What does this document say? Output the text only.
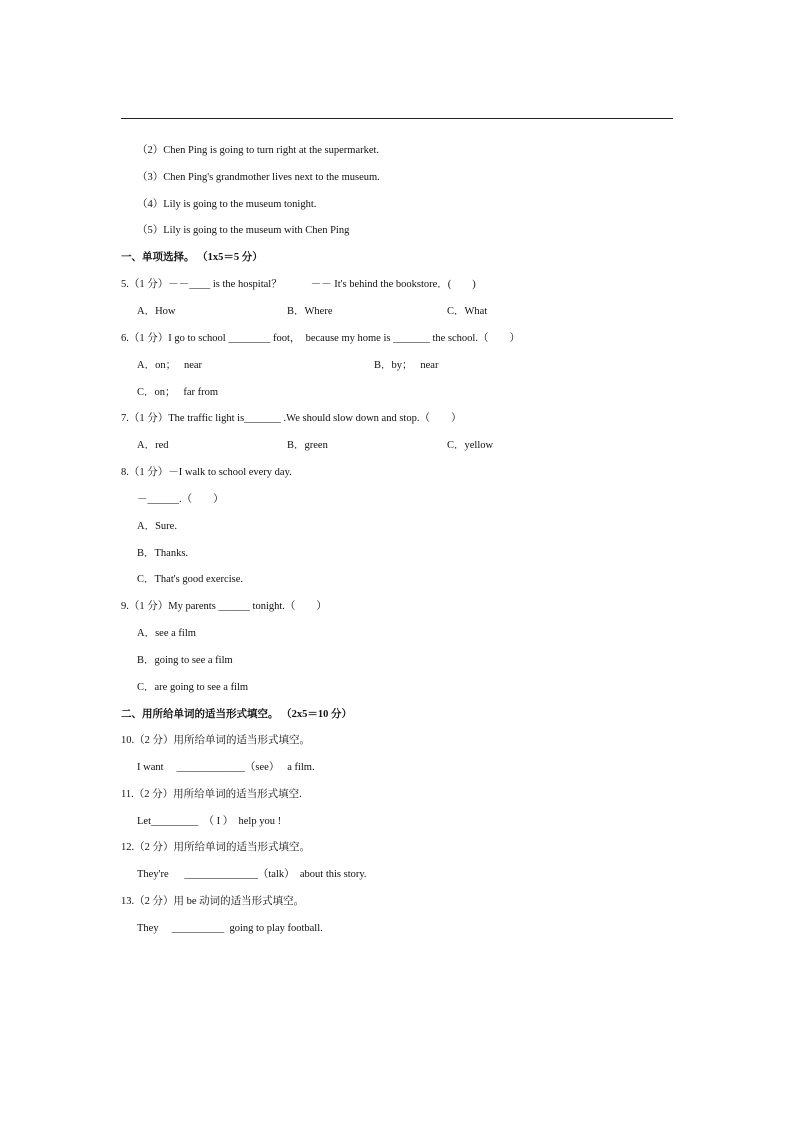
（2）Chen Ping is going to turn right at the supermarket.
（3）Chen Ping's grandmother lives next to the museum.
（4）Lily is going to the museum tonight.
（5）Lily is going to the museum with Chen Ping
一、单项选择。 （1x5＝5 分）
5.（1 分）－－____ is the hospital？           －－ It's behind the bookstore．(        )
A．How	B．Where	C．What
6.（1 分）I go to school ________ foot，  because my home is _______ the school.（        ）
A．on；   near	B．by；   near
C．on；   far from
7.（1 分）The traffic light is_______ .We should slow down and stop.（        ）
A．red	B．green	C．yellow
8.（1 分）－I walk to school every day.
－______.（        ）
A．Sure.
B．Thanks.
C．That's good exercise.
9.（1 分）My parents ______ tonight.（        ）
A．see a film
B．going to see a film
C．are going to see a film
二、用所给单词的适当形式填空。 （2x5＝10 分）
10.（2 分）用所给单词的适当形式填空。
I want     _____________（see）   a film.
11.（2 分）用所给单词的适当形式填空.
Let_________  （ I ）  help you !
12.（2 分）用所给单词的适当形式填空。
They're      ______________（talk）  about this story.
13.（2 分）用 be 动词的适当形式填空。
They     __________  going to play football.
